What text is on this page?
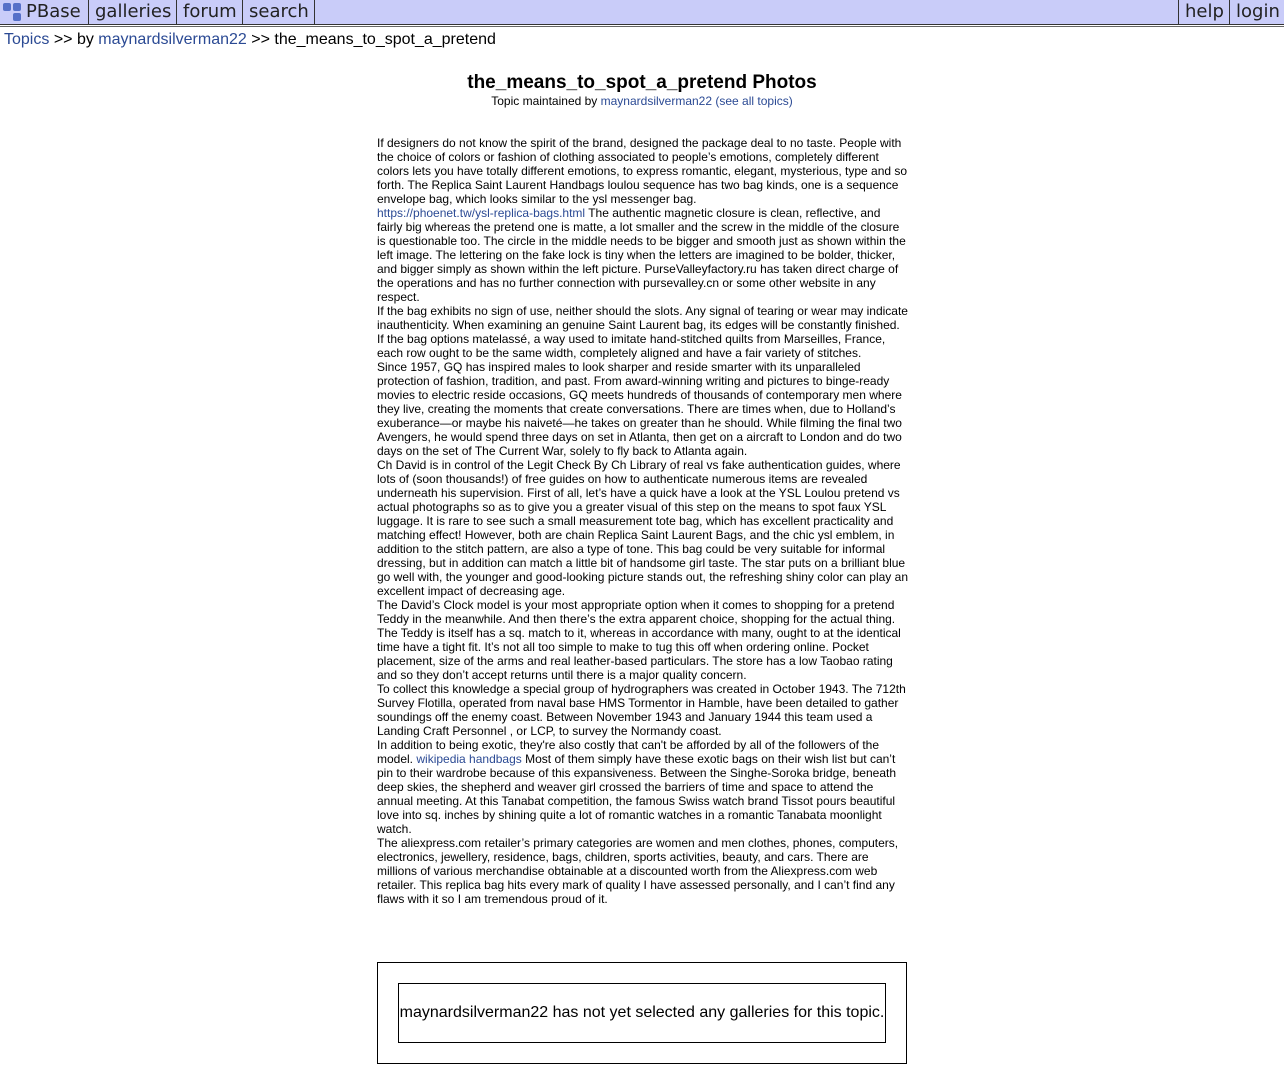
PBase galleries forum search	help login
Topics >> by maynardsilverman22 >> the_means_to_spot_a_pretend
the_means_to_spot_a_pretend Photos
Topic maintained by maynardsilverman22 (see all topics)
If designers do not know the spirit of the brand, designed the package deal to no taste. People with the choice of colors or fashion of clothing associated to people’s emotions, completely different colors lets you have totally different emotions, to express romantic, elegant, mysterious, type and so forth. The Replica Saint Laurent Handbags loulou sequence has two bag kinds, one is a sequence envelope bag, which looks similar to the ysl messenger bag.
https://phoenet.tw/ysl-replica-bags.html The authentic magnetic closure is clean, reflective, and fairly big whereas the pretend one is matte, a lot smaller and the screw in the middle of the closure is questionable too. The circle in the middle needs to be bigger and smooth just as shown within the left image. The lettering on the fake lock is tiny when the letters are imagined to be bolder, thicker, and bigger simply as shown within the left picture. PurseValleyfactory.ru has taken direct charge of the operations and has no further connection with pursevalley.cn or some other website in any respect.
If the bag exhibits no sign of use, neither should the slots. Any signal of tearing or wear may indicate inauthenticity. When examining an genuine Saint Laurent bag, its edges will be constantly finished. If the bag options matelassé, a way used to imitate hand-stitched quilts from Marseilles, France, each row ought to be the same width, completely aligned and have a fair variety of stitches.
Since 1957, GQ has inspired males to look sharper and reside smarter with its unparalleled protection of fashion, tradition, and past. From award-winning writing and pictures to binge-ready movies to electric reside occasions, GQ meets hundreds of thousands of contemporary men where they live, creating the moments that create conversations. There are times when, due to Holland’s exuberance—or maybe his naiveté—he takes on greater than he should. While filming the final two Avengers, he would spend three days on set in Atlanta, then get on a aircraft to London and do two days on the set of The Current War, solely to fly back to Atlanta again.
Ch David is in control of the Legit Check By Ch Library of real vs fake authentication guides, where lots of (soon thousands!) of free guides on how to authenticate numerous items are revealed underneath his supervision. First of all, let’s have a quick have a look at the YSL Loulou pretend vs actual photographs so as to give you a greater visual of this step on the means to spot faux YSL luggage. It is rare to see such a small measurement tote bag, which has excellent practicality and matching effect! However, both are chain Replica Saint Laurent Bags, and the chic ysl emblem, in addition to the stitch pattern, are also a type of tone. This bag could be very suitable for informal dressing, but in addition can match a little bit of handsome girl taste. The star puts on a brilliant blue go well with, the younger and good-looking picture stands out, the refreshing shiny color can play an excellent impact of decreasing age.
The David’s Clock model is your most appropriate option when it comes to shopping for a pretend Teddy in the meanwhile. And then there’s the extra apparent choice, shopping for the actual thing. The Teddy is itself has a sq. match to it, whereas in accordance with many, ought to at the identical time have a tight fit. It’s not all too simple to make to tug this off when ordering online. Pocket placement, size of the arms and real leather-based particulars. The store has a low Taobao rating and so they don’t accept returns until there is a major quality concern.
To collect this knowledge a special group of hydrographers was created in October 1943. The 712th Survey Flotilla, operated from naval base HMS Tormentor in Hamble, have been detailed to gather soundings off the enemy coast. Between November 1943 and January 1944 this team used a Landing Craft Personnel , or LCP, to survey the Normandy coast.
In addition to being exotic, they're also costly that can't be afforded by all of the followers of the model. wikipedia handbags Most of them simply have these exotic bags on their wish list but can’t pin to their wardrobe because of this expansiveness. Between the Singhe-Soroka bridge, beneath deep skies, the shepherd and weaver girl crossed the barriers of time and space to attend the annual meeting. At this Tanabat competition, the famous Swiss watch brand Tissot pours beautiful love into sq. inches by shining quite a lot of romantic watches in a romantic Tanabata moonlight watch.
The aliexpress.com retailer’s primary categories are women and men clothes, phones, computers, electronics, jewellery, residence, bags, children, sports activities, beauty, and cars. There are millions of various merchandise obtainable at a discounted worth from the Aliexpress.com web retailer. This replica bag hits every mark of quality I have assessed personally, and I can’t find any flaws with it so I am tremendous proud of it.
maynardsilverman22 has not yet selected any galleries for this topic.
